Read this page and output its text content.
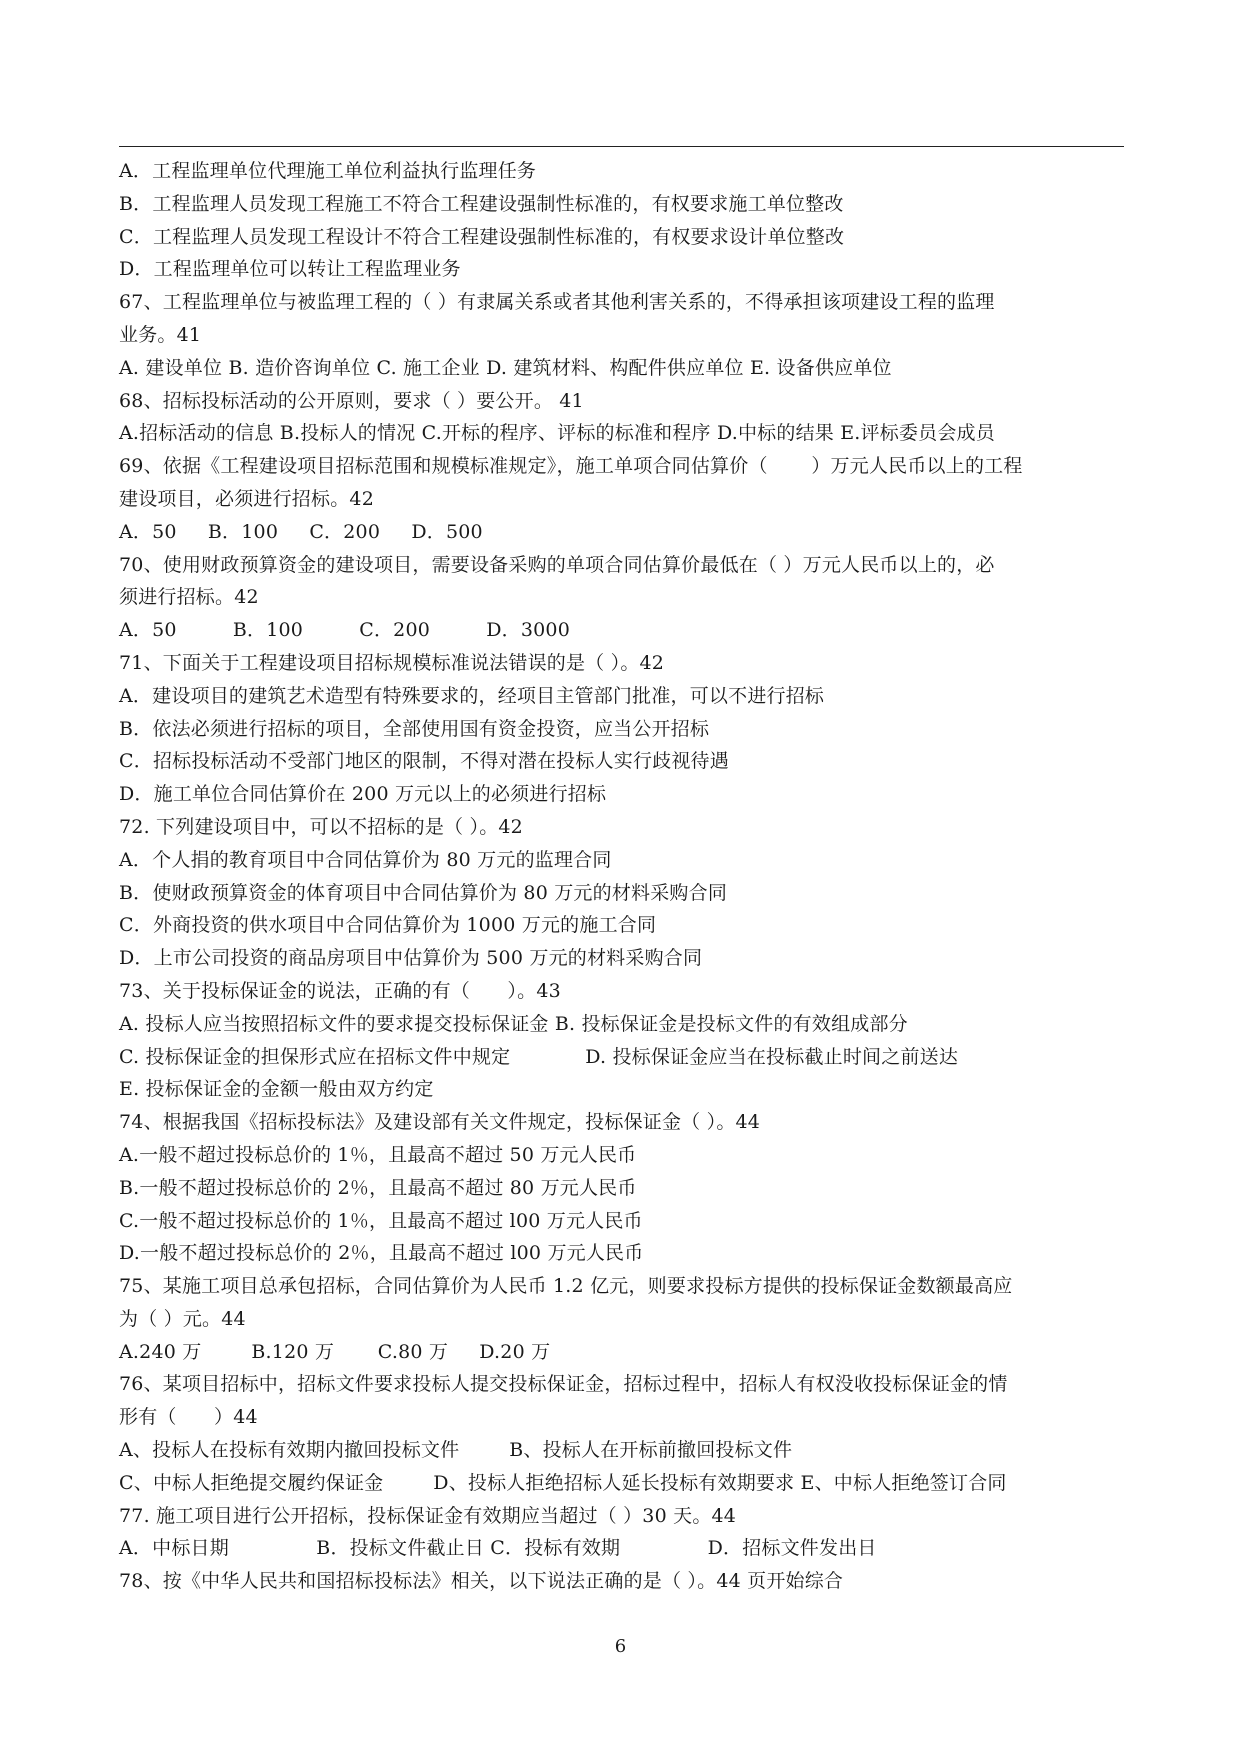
A．工程监理单位代理施工单位利益执行监理任务
B．工程监理人员发现工程施工不符合工程建设强制性标准的，有权要求施工单位整改
C．工程监理人员发现工程设计不符合工程建设强制性标准的，有权要求设计单位整改
D．工程监理单位可以转让工程监理业务
67、工程监理单位与被监理工程的（ ）有隶属关系或者其他利害关系的，不得承担该项建设工程的监理
业务。41
A. 建设单位 B. 造价咨询单位 C. 施工企业 D. 建筑材料、构配件供应单位 E. 设备供应单位
68、招标投标活动的公开原则，要求（ ）要公开。 41
A.招标活动的信息 B.投标人的情况 C.开标的程序、评标的标准和程序 D.中标的结果 E.评标委员会成员
69、依据《工程建设项目招标范围和规模标准规定》，施工单项合同估算价（       ）万元人民币以上的工程
建设项目，必须进行招标。42
A．50     B．100     C．200     D．500
70、使用财政预算资金的建设项目，需要设备采购的单项合同估算价最低在（ ）万元人民币以上的，必
须进行招标。42
A．50         B．100         C．200         D．3000
71、下面关于工程建设项目招标规模标准说法错误的是（ ）。42
A．建设项目的建筑艺术造型有特殊要求的，经项目主管部门批准，可以不进行招标
B．依法必须进行招标的项目，全部使用国有资金投资，应当公开招标
C．招标投标活动不受部门地区的限制，不得对潜在投标人实行歧视待遇
D．施工单位合同估算价在 200 万元以上的必须进行招标
72. 下列建设项目中，可以不招标的是（ ）。42
A．个人捐的教育项目中合同估算价为 80 万元的监理合同
B．使财政预算资金的体育项目中合同估算价为 80 万元的材料采购合同
C．外商投资的供水项目中合同估算价为 1000 万元的施工合同
D．上市公司投资的商品房项目中估算价为 500 万元的材料采购合同
73、关于投标保证金的说法，正确的有（      ）。43
A. 投标人应当按照招标文件的要求提交投标保证金 B. 投标保证金是投标文件的有效组成部分
C. 投标保证金的担保形式应在招标文件中规定            D. 投标保证金应当在投标截止时间之前送达
E. 投标保证金的金额一般由双方约定
74、根据我国《招标投标法》及建设部有关文件规定，投标保证金（ ）。44
A.一般不超过投标总价的 1％，且最高不超过 50 万元人民币
B.一般不超过投标总价的 2％，且最高不超过 80 万元人民币
C.一般不超过投标总价的 1％，且最高不超过 l00 万元人民币
D.一般不超过投标总价的 2％，且最高不超过 l00 万元人民币
75、某施工项目总承包招标，合同估算价为人民币 1.2 亿元，则要求投标方提供的投标保证金数额最高应
为（ ）元。44
A.240 万        B.120 万       C.80 万     D.20 万
76、某项目招标中，招标文件要求投标人提交投标保证金，招标过程中，招标人有权没收投标保证金的情
形有（      ）44
A、投标人在投标有效期内撤回投标文件        B、投标人在开标前撤回投标文件
C、中标人拒绝提交履约保证金        D、投标人拒绝招标人延长投标有效期要求 E、中标人拒绝签订合同
77. 施工项目进行公开招标，投标保证金有效期应当超过（ ）30 天。44
A．中标日期              B．投标文件截止日 C．投标有效期              D．招标文件发出日
78、按《中华人民共和国招标投标法》相关，以下说法正确的是（ ）。44 页开始综合
6
